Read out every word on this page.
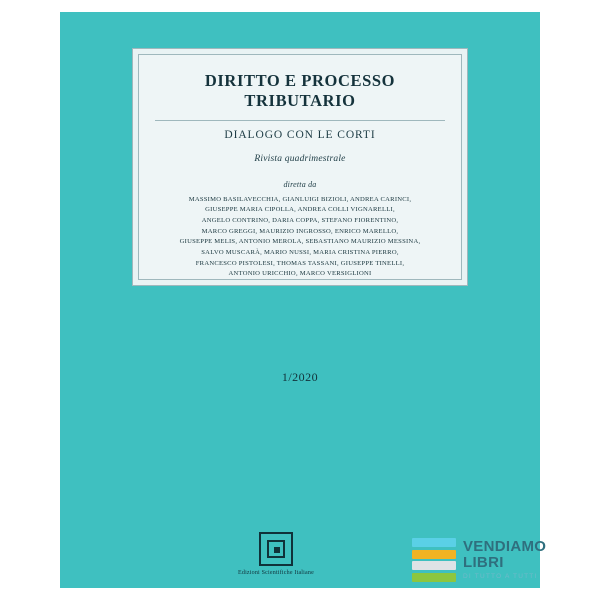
DIRITTO E PROCESSO TRIBUTARIO
DIALOGO CON LE CORTI
Rivista quadrimestrale
diretta da
MASSIMO BASILAVECCHIA, GIANLUIGI BIZIOLI, ANDREA CARINCI,
GIUSEPPE MARIA CIPOLLA, ANDREA COLLI VIGNARELLI,
ANGELO CONTRINO, DARIA COPPA, STEFANO FIORENTINO,
MARCO GREGGI, MAURIZIO INGROSSO, ENRICO MARELLO,
GIUSEPPE MELIS, ANTONIO MEROLA, SEBASTIANO MAURIZIO MESSINA,
SALVO MUSCARÀ, MARIO NUSSI, MARIA CRISTINA PIERRO,
FRANCESCO PISTOLESI, THOMAS TASSANI, GIUSEPPE TINELLI,
ANTONIO URICCHIO, MARCO VERSIGLIONI
1/2020
Edizioni Scientifiche Italiane
VENDIAMO
LIBRI
DI TUTTO A TUTTI
